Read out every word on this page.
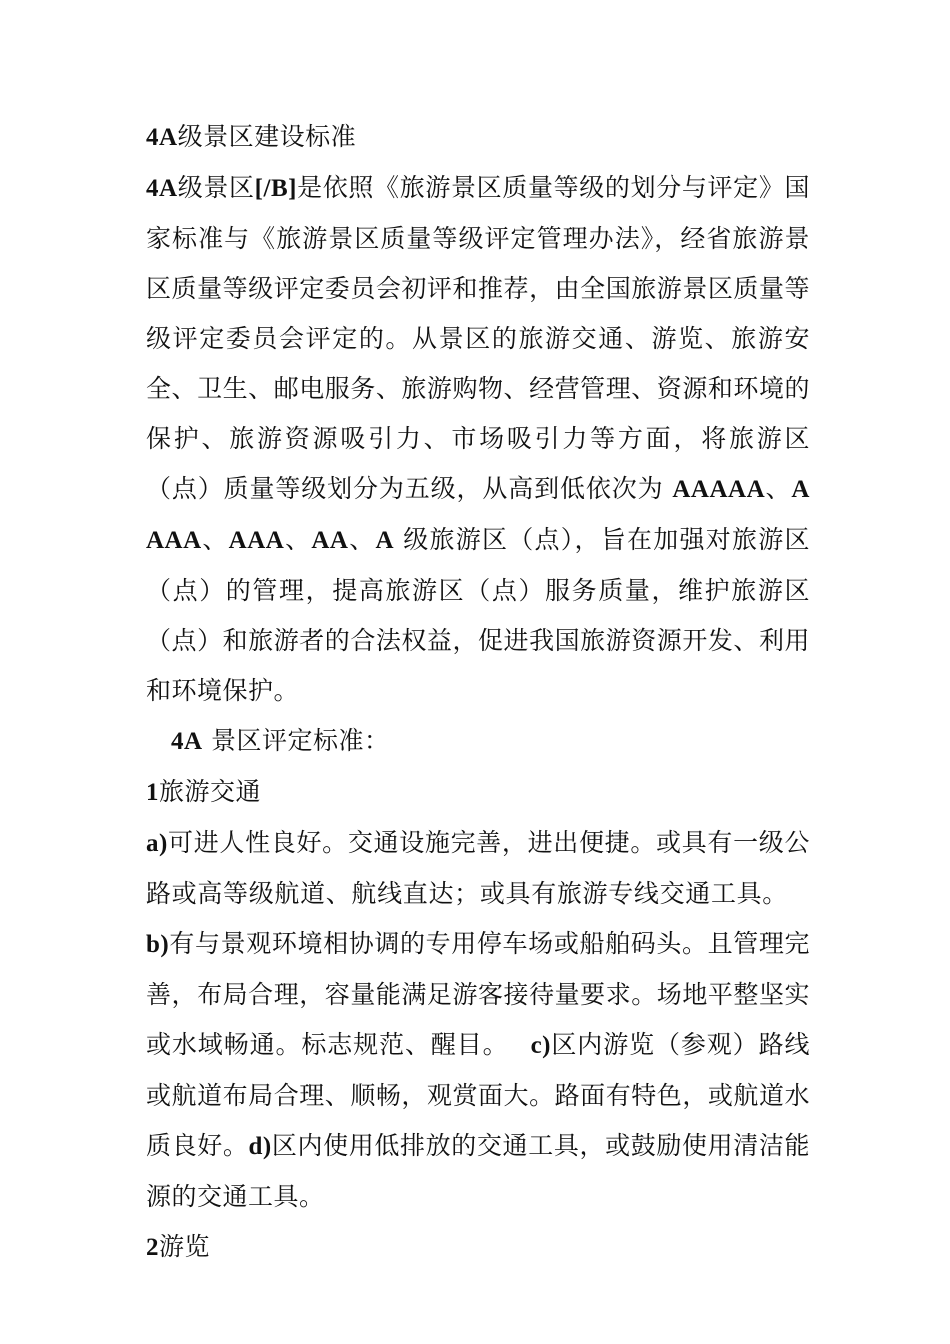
4A级景区建设标准

4A级景区[/B]是依照《旅游景区质量等级的划分与评定》国家标准与《旅游景区质量等级评定管理办法》，经省旅游景区质量等级评定委员会初评和推荐，由全国旅游景区质量等级评定委员会评定的。从景区的旅游交通、游览、旅游安全、卫生、邮电服务、旅游购物、经营管理、资源和环境的保护、旅游资源吸引力、市场吸引力等方面，将旅游区（点）质量等级划分为五级，从高到低依次为 AAAAA、AAAA、AAA、AA、A 级旅游区（点），旨在加强对旅游区（点）的管理，提高旅游区（点）服务质量，维护旅游区（点）和旅游者的合法权益，促进我国旅游资源开发、利用和环境保护。

4A 景区评定标准：

1旅游交通

a)可进人性良好。交通设施完善，进出便捷。或具有一级公路或高等级航道、航线直达；或具有旅游专线交通工具。b)有与景观环境相协调的专用停车场或船舶码头。且管理完善，布局合理，容量能满足游客接待量要求。场地平整坚实或水域畅通。标志规范、醒目。 c)区内游览（参观）路线或航道布局合理、顺畅，观赏面大。路面有特色，或航道水质良好。d)区内使用低排放的交通工具，或鼓励使用清洁能源的交通工具。

2游览
